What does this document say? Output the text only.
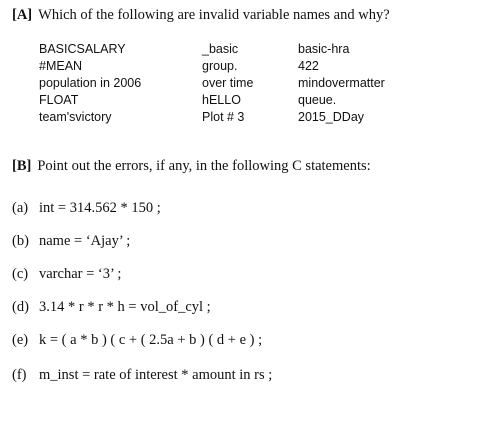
[A] Which of the following are invalid variable names and why?
BASICSALARY
#MEAN
population in 2006
FLOAT
team'svictory
_basic
group.
over time
hELLO
Plot # 3
basic-hra
422
mindovermatter
queue.
2015_DDay
[B] Point out the errors, if any, in the following C statements:
(a) int = 314.562 * 150 ;
(b) name = ‘Ajay’ ;
(c) varchar = ‘3’ ;
(d) 3.14 * r * r * h = vol_of_cyl ;
(e) k = ( a * b ) ( c + ( 2.5a + b ) ( d + e ) ;
(f) m_inst = rate of interest * amount in rs ;
